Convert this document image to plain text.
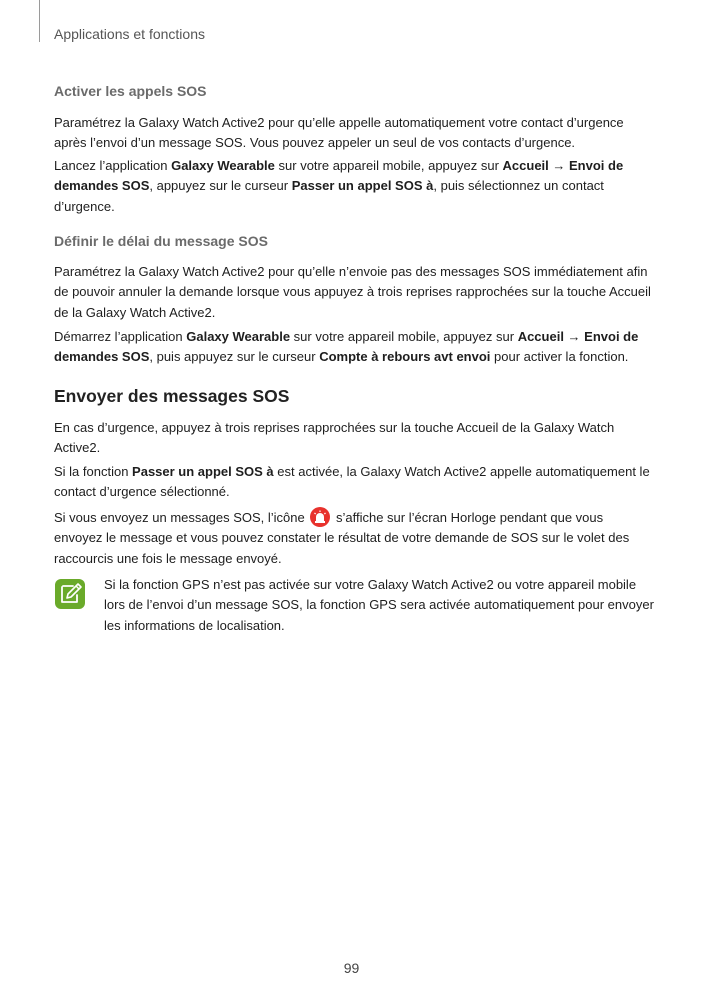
Applications et fonctions
Activer les appels SOS
Paramétrez la Galaxy Watch Active2 pour qu’elle appelle automatiquement votre contact d’urgence après l’envoi d’un message SOS. Vous pouvez appeler un seul de vos contacts d’urgence.
Lancez l’application Galaxy Wearable sur votre appareil mobile, appuyez sur Accueil → Envoi de demandes SOS, appuyez sur le curseur Passer un appel SOS à, puis sélectionnez un contact d’urgence.
Définir le délai du message SOS
Paramétrez la Galaxy Watch Active2 pour qu’elle n’envoie pas des messages SOS immédiatement afin de pouvoir annuler la demande lorsque vous appuyez à trois reprises rapprochées sur la touche Accueil de la Galaxy Watch Active2.
Démarrez l’application Galaxy Wearable sur votre appareil mobile, appuyez sur Accueil → Envoi de demandes SOS, puis appuyez sur le curseur Compte à rebours avt envoi pour activer la fonction.
Envoyer des messages SOS
En cas d’urgence, appuyez à trois reprises rapprochées sur la touche Accueil de la Galaxy Watch Active2.
Si la fonction Passer un appel SOS à est activée, la Galaxy Watch Active2 appelle automatiquement le contact d’urgence sélectionné.
Si vous envoyez un messages SOS, l’icône
s’affiche sur l’écran Horloge pendant que vous envoyez le message et vous pouvez constater le résultat de votre demande de SOS sur le volet des raccourcis une fois le message envoyé.
Si la fonction GPS n’est pas activée sur votre Galaxy Watch Active2 ou votre appareil mobile lors de l’envoi d’un message SOS, la fonction GPS sera activée automatiquement pour envoyer les informations de localisation.
99
